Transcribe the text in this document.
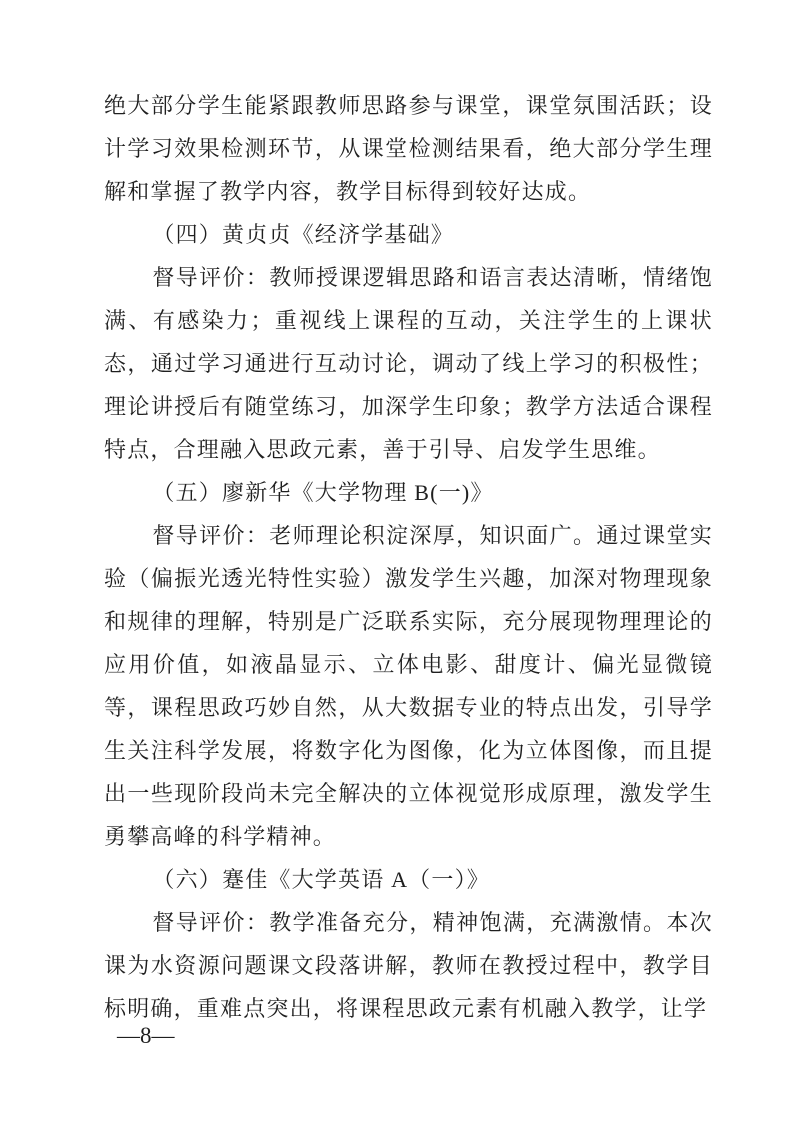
绝大部分学生能紧跟教师思路参与课堂，课堂氛围活跃；设计学习效果检测环节，从课堂检测结果看，绝大部分学生理解和掌握了教学内容，教学目标得到较好达成。

（四）黄贞贞《经济学基础》

督导评价：教师授课逻辑思路和语言表达清晰，情绪饱满、有感染力；重视线上课程的互动，关注学生的上课状态，通过学习通进行互动讨论，调动了线上学习的积极性；理论讲授后有随堂练习，加深学生印象；教学方法适合课程特点，合理融入思政元素，善于引导、启发学生思维。

（五）廖新华《大学物理 B(一)》

督导评价：老师理论积淀深厚，知识面广。通过课堂实验（偏振光透光特性实验）激发学生兴趣，加深对物理现象和规律的理解，特别是广泛联系实际，充分展现物理理论的应用价值，如液晶显示、立体电影、甜度计、偏光显微镜等，课程思政巧妙自然，从大数据专业的特点出发，引导学生关注科学发展，将数字化为图像，化为立体图像，而且提出一些现阶段尚未完全解决的立体视觉形成原理，激发学生勇攀高峰的科学精神。

（六）蹇佳《大学英语 A（一）》

督导评价：教学准备充分，精神饱满，充满激情。本次课为水资源问题课文段落讲解，教师在教授过程中，教学目标明确，重难点突出，将课程思政元素有机融入教学，让学

—8—
